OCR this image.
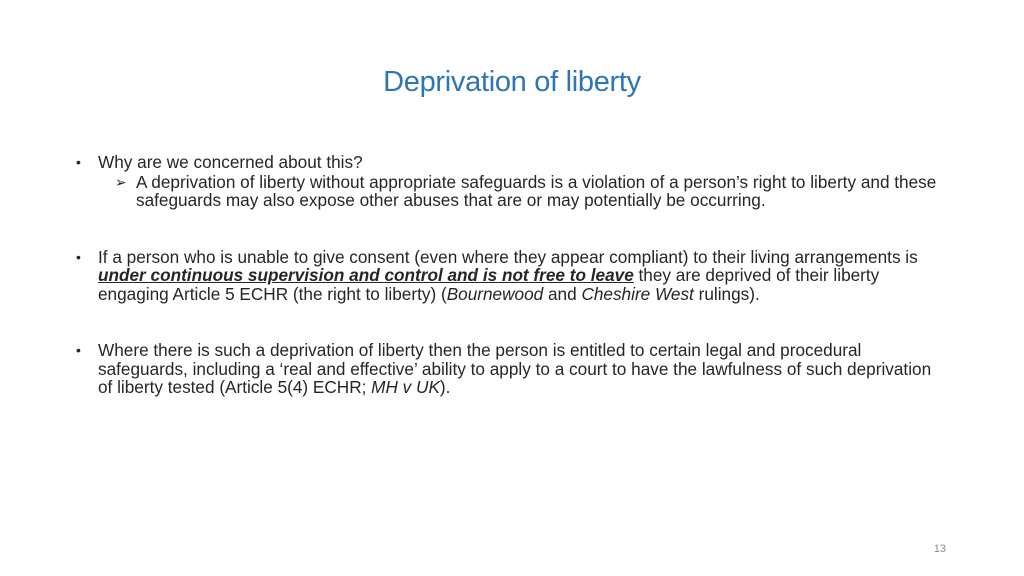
Deprivation of liberty
• Why are we concerned about this?
➢ A deprivation of liberty without appropriate safeguards is a violation of a person’s right to liberty and these safeguards may also expose other abuses that are or may potentially be occurring.
• If a person who is unable to give consent (even where they appear compliant) to their living arrangements is under continuous supervision and control and is not free to leave they are deprived of their liberty engaging Article 5 ECHR (the right to liberty) (Bournewood and Cheshire West rulings).
• Where there is such a deprivation of liberty then the person is entitled to certain legal and procedural safeguards, including a ‘real and effective’ ability to apply to a court to have the lawfulness of such deprivation of liberty tested (Article 5(4) ECHR; MH v UK).
13
